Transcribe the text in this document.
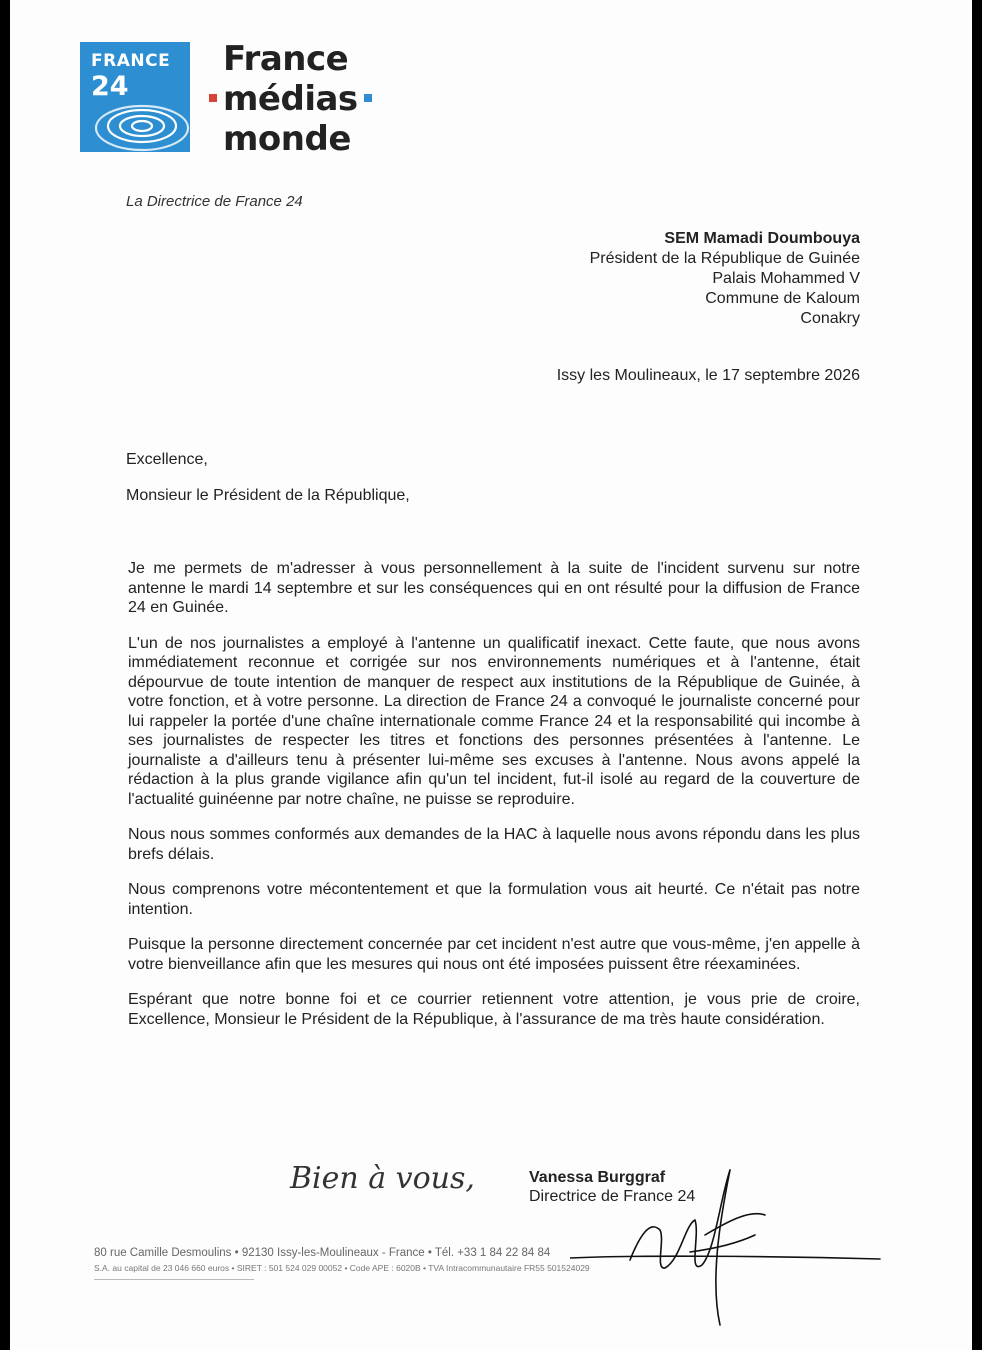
FRANCE
24
France
médias
monde
La Directrice de France 24
SEM Mamadi Doumbouya
Président de la République de Guinée
Palais Mohammed V
Commune de Kaloum
Conakry
Issy les Moulineaux, le 17 septembre 2026
Excellence,
Monsieur le Président de la République,

Je me permets de m'adresser à vous personnellement à la suite de l'incident survenu sur notre antenne le mardi 14 septembre et sur les conséquences qui en ont résulté pour la diffusion de France 24 en Guinée.

L'un de nos journalistes a employé à l'antenne un qualificatif inexact. Cette faute, que nous avons immédiatement reconnue et corrigée sur nos environnements numériques et à l'antenne, était dépourvue de toute intention de manquer de respect aux institutions de la République de Guinée, à votre fonction, et à votre personne. La direction de France 24 a convoqué le journaliste concerné pour lui rappeler la portée d'une chaîne internationale comme France 24 et la responsabilité qui incombe à ses journalistes de respecter les titres et fonctions des personnes présentées à l'antenne. Le journaliste a d'ailleurs tenu à présenter lui-même ses excuses à l'antenne. Nous avons appelé la rédaction à la plus grande vigilance afin qu'un tel incident, fut-il isolé au regard de la couverture de l'actualité guinéenne par notre chaîne, ne puisse se reproduire.

Nous nous sommes conformés aux demandes de la HAC à laquelle nous avons répondu dans les plus brefs délais.

Nous comprenons votre mécontentement et que la formulation vous ait heurté. Ce n'était pas notre intention.

Puisque la personne directement concernée par cet incident n'est autre que vous-même, j'en appelle à votre bienveillance afin que les mesures qui nous ont été imposées puissent être réexaminées.

Espérant que notre bonne foi et ce courrier retiennent votre attention, je vous prie de croire, Excellence, Monsieur le Président de la République, à l'assurance de ma très haute considération.

Bien à vous,	Vanessa Burggraf
Directrice de France 24
80 rue Camille Desmoulins • 92130 Issy-les-Moulineaux - France • Tél. +33 1 84 22 84 84
S.A. au capital de 23 046 660 euros • SIRET : 501 524 029 00052 • Code APE : 6020B • TVA Intracommunautaire FR55 501524029
